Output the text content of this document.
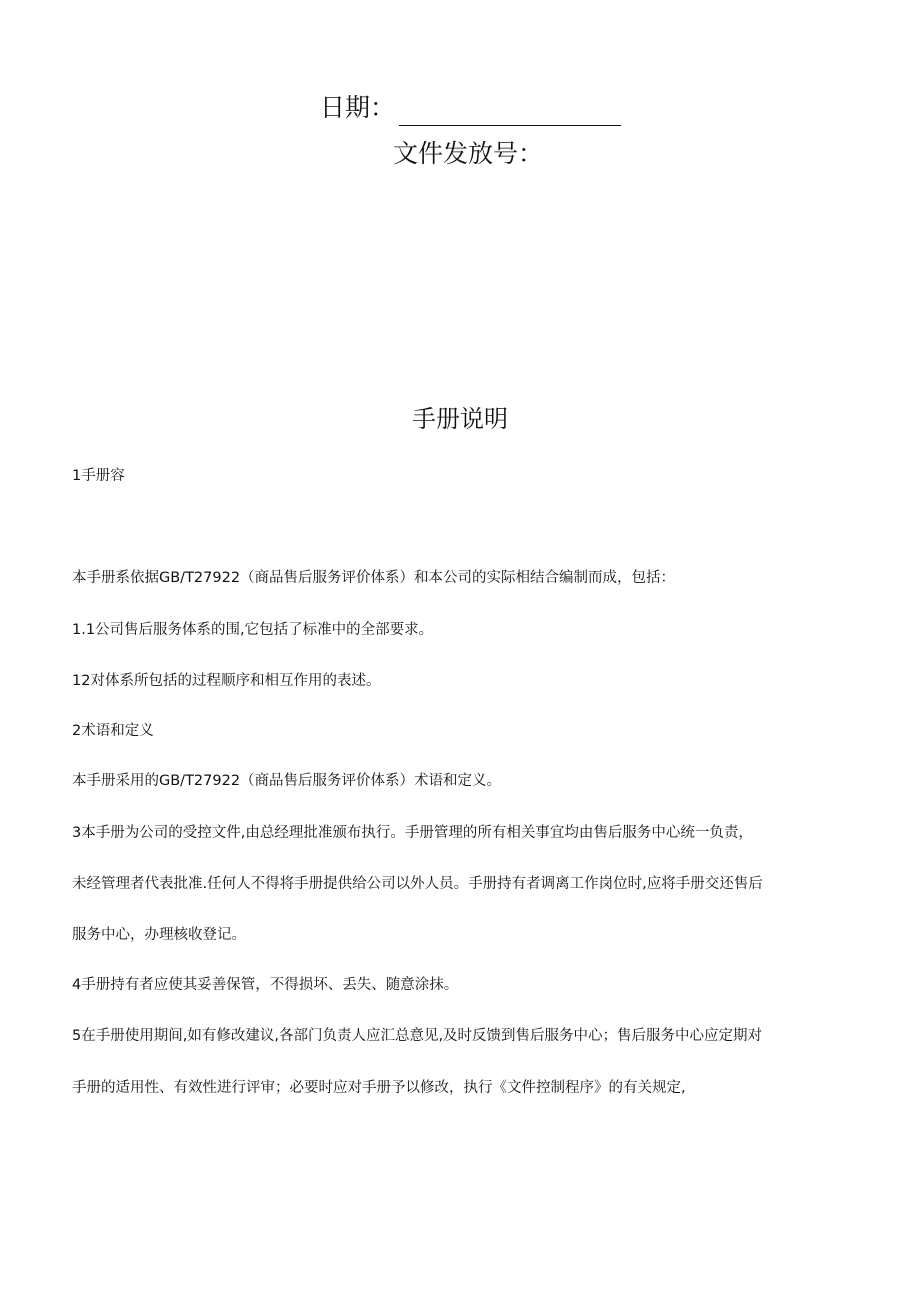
日期：
文件发放号：
手册说明
1手册容
本手册系依据GB/T27922（商品售后服务评价体系）和本公司的实际相结合编制而成，包括：
1.1公司售后服务体系的围,它包括了标准中的全部要求。
12对体系所包括的过程顺序和相互作用的表述。
2术语和定义
本手册采用的GB/T27922（商品售后服务评价体系）术语和定义。
3本手册为公司的受控文件,由总经理批准颁布执行。手册管理的所有相关事宜均由售后服务中心统一负责，
未经管理者代表批准.任何人不得将手册提供给公司以外人员。手册持有者调离工作岗位时,应将手册交还售后
服务中心，办理核收登记。
4手册持有者应使其妥善保管，不得损坏、丢失、随意涂抹。
5在手册使用期间,如有修改建议,各部门负责人应汇总意见,及时反馈到售后服务中心；售后服务中心应定期对
手册的适用性、有效性进行评审；必要时应对手册予以修改，执行《文件控制程序》的有关规定,
